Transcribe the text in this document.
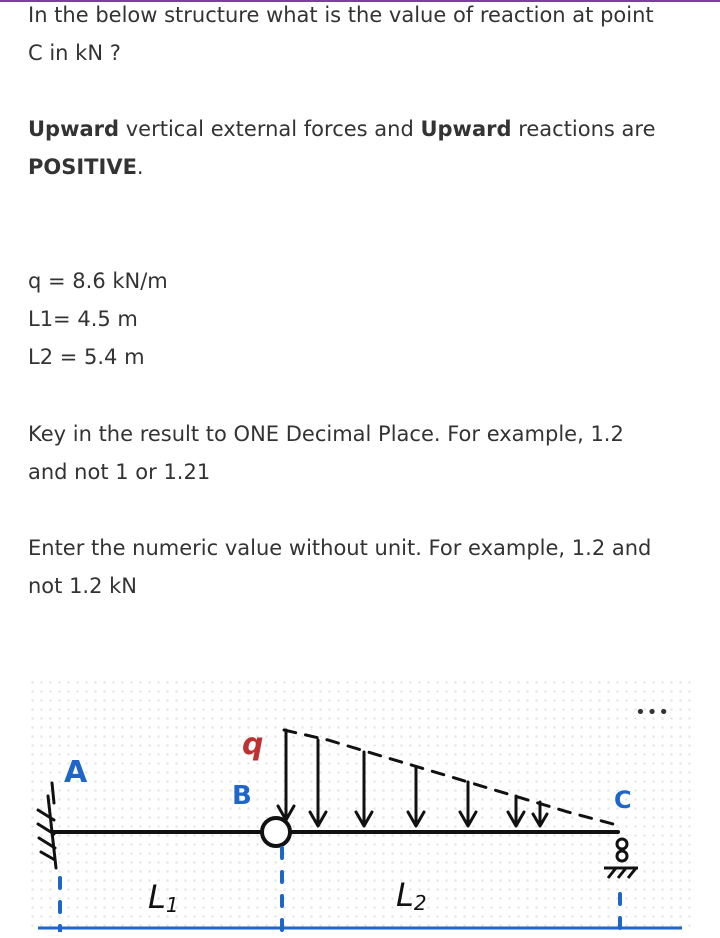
In the below structure what is the value of reaction at point

C in kN ?

Upward vertical external forces and Upward reactions are

POSITIVE.

q = 8.6 kN/m

L1= 4.5 m

L2 = 5.4 m

Key in the result to ONE Decimal Place. For example, 1.2

and not 1 or 1.21

Enter the numeric value without unit. For example, 1.2 and

not 1.2 kN

•••
A
B
q
C
L1	L2
